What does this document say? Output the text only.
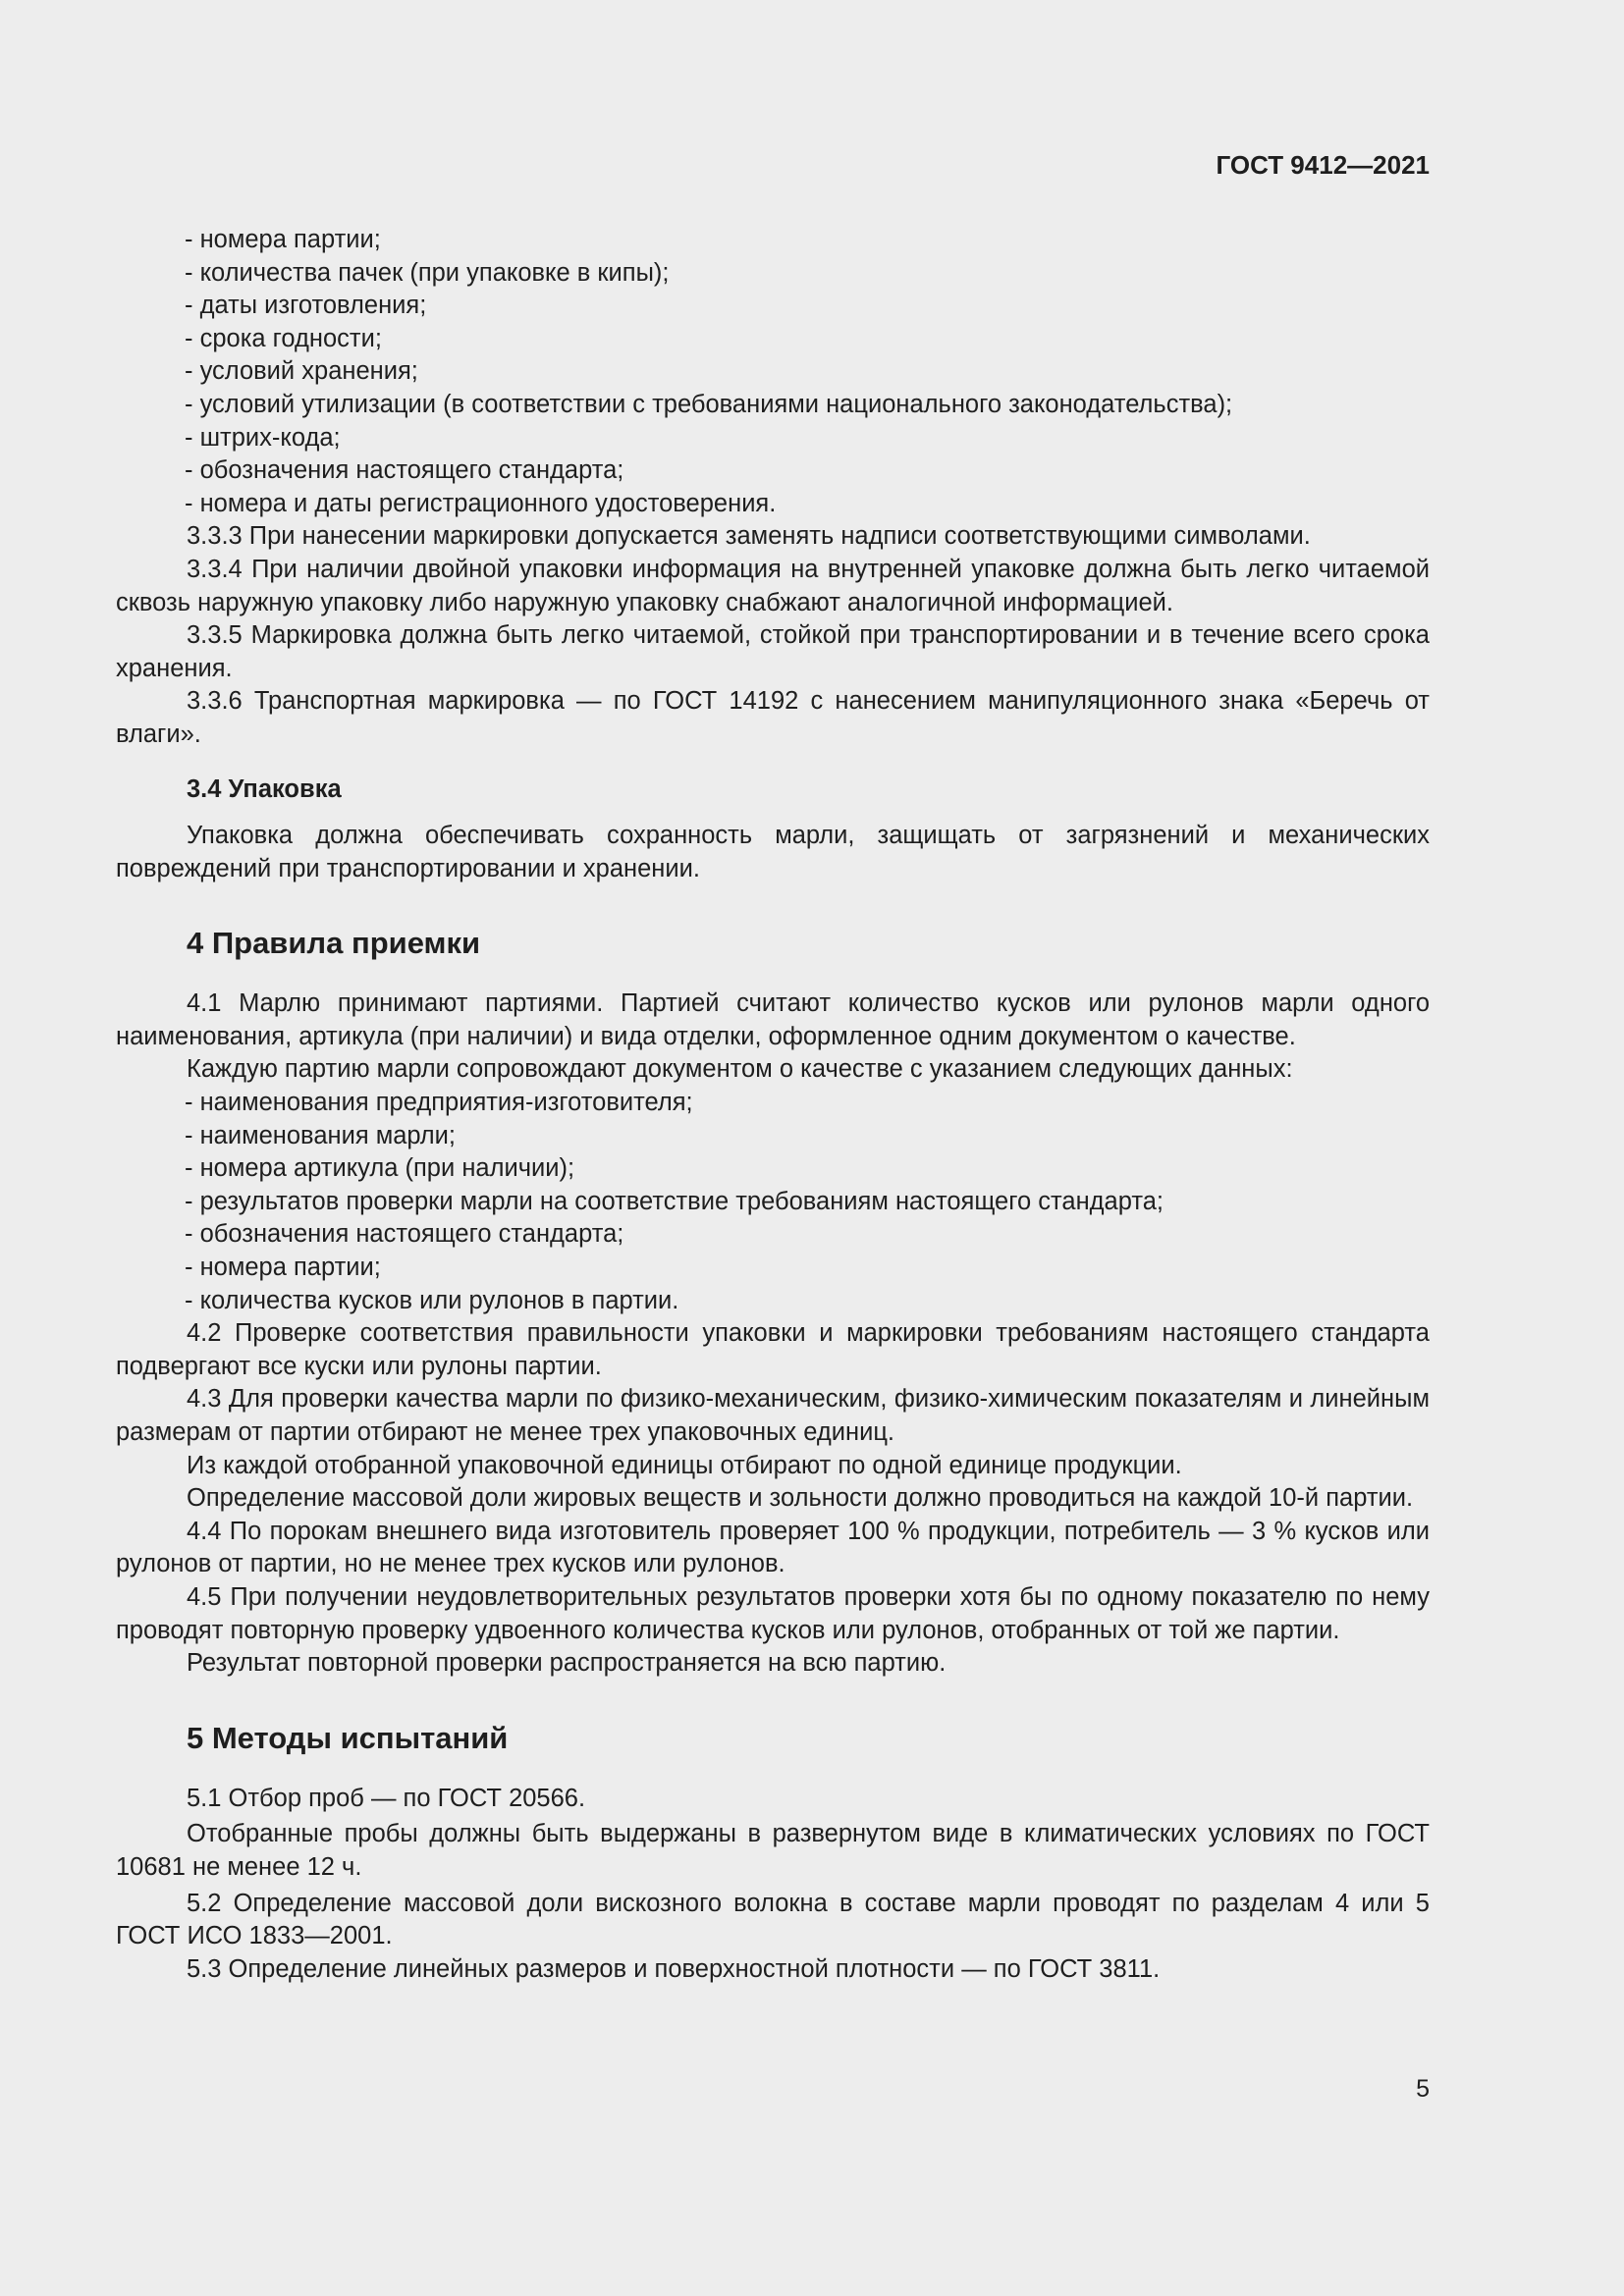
ГОСТ 9412—2021

- номера партии;

- количества пачек (при упаковке в кипы);

- даты изготовления;

- срока годности;

- условий хранения;

- условий утилизации (в соответствии с требованиями национального законодательства);

- штрих-кода;

- обозначения настоящего стандарта;

- номера и даты регистрационного удостоверения.

3.3.3 При нанесении маркировки допускается заменять надписи соответствующими символами.

3.3.4 При наличии двойной упаковки информация на внутренней упаковке должна быть легко читаемой сквозь наружную упаковку либо наружную упаковку снабжают аналогичной информацией.

3.3.5 Маркировка должна быть легко читаемой, стойкой при транспортировании и в течение всего срока хранения.

3.3.6 Транспортная маркировка — по ГОСТ 14192 с нанесением манипуляционного знака «Беречь от влаги».

3.4 Упаковка

Упаковка должна обеспечивать сохранность марли, защищать от загрязнений и механических повреждений при транспортировании и хранении.

4 Правила приемки

4.1 Марлю принимают партиями. Партией считают количество кусков или рулонов марли одного наименования, артикула (при наличии) и вида отделки, оформленное одним документом о качестве.

Каждую партию марли сопровождают документом о качестве с указанием следующих данных:

- наименования предприятия-изготовителя;

- наименования марли;

- номера артикула (при наличии);

- результатов проверки марли на соответствие требованиям настоящего стандарта;

- обозначения настоящего стандарта;

- номера партии;

- количества кусков или рулонов в партии.

4.2 Проверке соответствия правильности упаковки и маркировки требованиям настоящего стандарта подвергают все куски или рулоны партии.

4.3 Для проверки качества марли по физико-механическим, физико-химическим показателям и линейным размерам от партии отбирают не менее трех упаковочных единиц.

Из каждой отобранной упаковочной единицы отбирают по одной единице продукции.

Определение массовой доли жировых веществ и зольности должно проводиться на каждой 10-й партии.

4.4 По порокам внешнего вида изготовитель проверяет 100 % продукции, потребитель — 3 % кусков или рулонов от партии, но не менее трех кусков или рулонов.

4.5 При получении неудовлетворительных результатов проверки хотя бы по одному показателю по нему проводят повторную проверку удвоенного количества кусков или рулонов, отобранных от той же партии.

Результат повторной проверки распространяется на всю партию.

5 Методы испытаний

5.1 Отбор проб — по ГОСТ 20566.

Отобранные пробы должны быть выдержаны в развернутом виде в климатических условиях по ГОСТ 10681 не менее 12 ч.

5.2 Определение массовой доли вискозного волокна в составе марли проводят по разделам 4 или 5 ГОСТ ИСО 1833—2001.

5.3 Определение линейных размеров и поверхностной плотности — по ГОСТ 3811.

5
